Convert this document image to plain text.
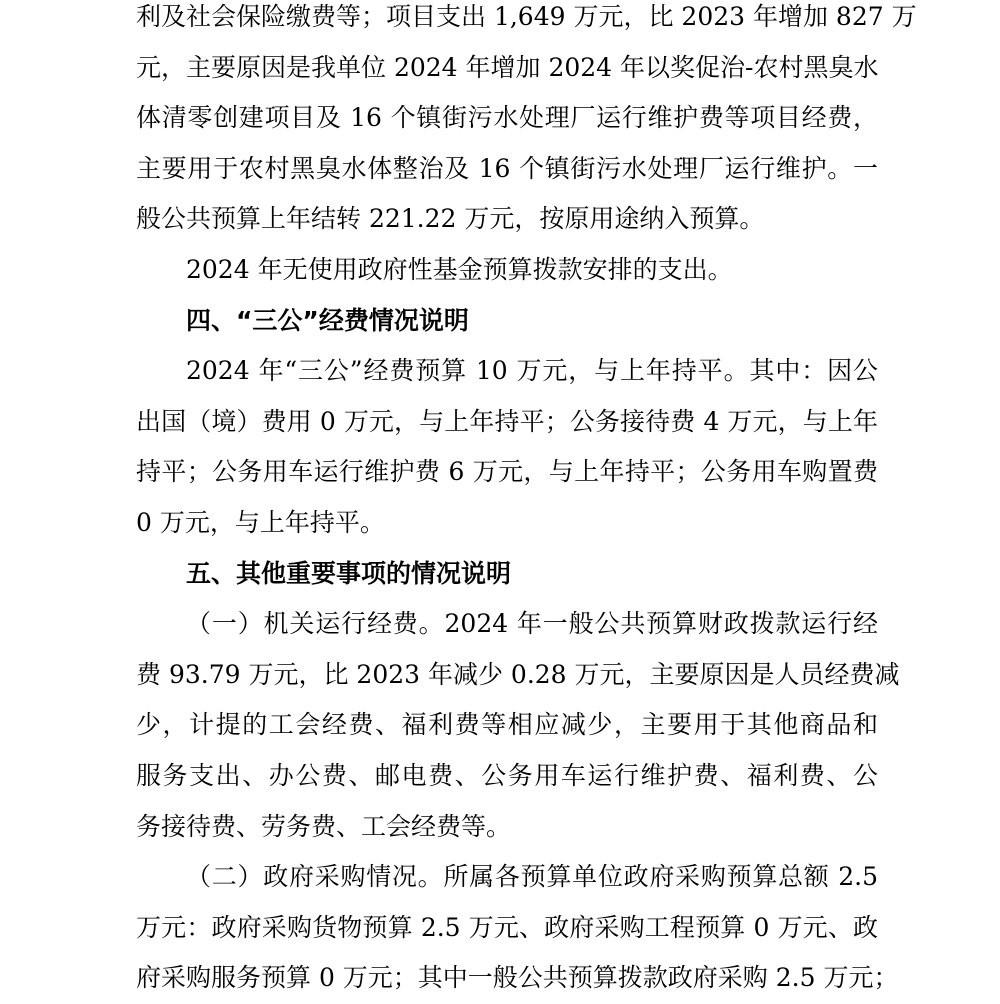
利及社会保险缴费等；项目支出 1,649 万元，比 2023 年增加 827 万
元，主要原因是我单位 2024 年增加 2024 年以奖促治-农村黑臭水
体清零创建项目及 16 个镇街污水处理厂运行维护费等项目经费，
主要用于农村黑臭水体整治及 16 个镇街污水处理厂运行维护。一
般公共预算上年结转 221.22 万元，按原用途纳入预算。
2024 年无使用政府性基金预算拨款安排的支出。
四、“三公”经费情况说明
2024 年“三公”经费预算 10 万元，与上年持平。其中：因公
出国（境）费用 0 万元，与上年持平；公务接待费 4 万元，与上年
持平；公务用车运行维护费 6 万元，与上年持平；公务用车购置费
0 万元，与上年持平。
五、其他重要事项的情况说明
（一）机关运行经费。2024 年一般公共预算财政拨款运行经
费 93.79 万元，比 2023 年减少 0.28 万元，主要原因是人员经费减
少，计提的工会经费、福利费等相应减少，主要用于其他商品和
服务支出、办公费、邮电费、公务用车运行维护费、福利费、公
务接待费、劳务费、工会经费等。
（二）政府采购情况。所属各预算单位政府采购预算总额 2.5
万元：政府采购货物预算 2.5 万元、政府采购工程预算 0 万元、政
府采购服务预算 0 万元；其中一般公共预算拨款政府采购 2.5 万元；
